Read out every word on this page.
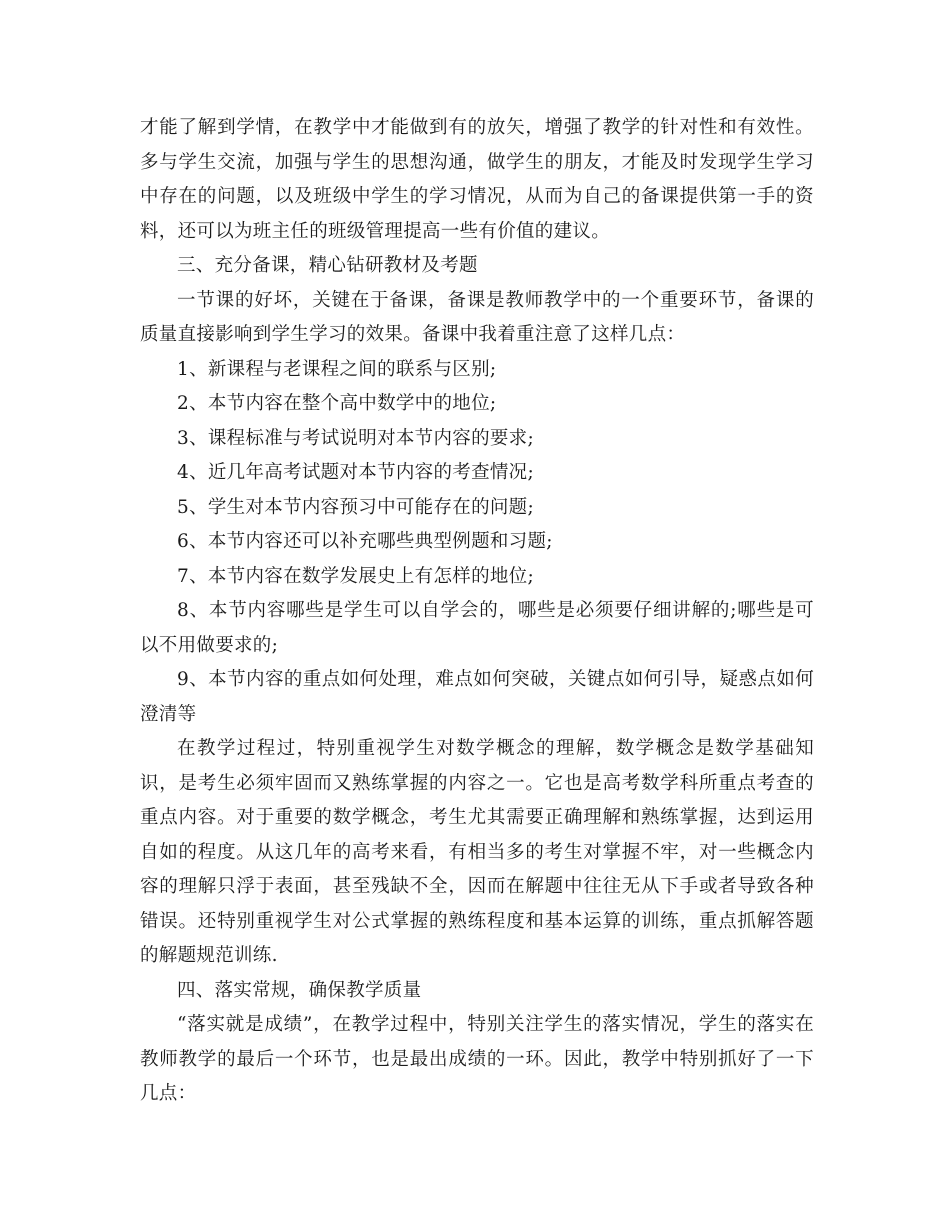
才能了解到学情，在教学中才能做到有的放矢，增强了教学的针对性和有效性。多与学生交流，加强与学生的思想沟通，做学生的朋友，才能及时发现学生学习中存在的问题，以及班级中学生的学习情况，从而为自己的备课提供第一手的资料，还可以为班主任的班级管理提高一些有价值的建议。

三、充分备课，精心钻研教材及考题

一节课的好坏，关键在于备课，备课是教师教学中的一个重要环节，备课的质量直接影响到学生学习的效果。备课中我着重注意了这样几点：

1、新课程与老课程之间的联系与区别;

2、本节内容在整个高中数学中的地位;

3、课程标准与考试说明对本节内容的要求;

4、近几年高考试题对本节内容的考查情况;

5、学生对本节内容预习中可能存在的问题;

6、本节内容还可以补充哪些典型例题和习题;

7、本节内容在数学发展史上有怎样的地位;

8、本节内容哪些是学生可以自学会的，哪些是必须要仔细讲解的;哪些是可以不用做要求的;

9、本节内容的重点如何处理，难点如何突破，关键点如何引导，疑惑点如何澄清等

在教学过程过，特别重视学生对数学概念的理解，数学概念是数学基础知识，是考生必须牢固而又熟练掌握的内容之一。它也是高考数学科所重点考查的重点内容。对于重要的数学概念，考生尤其需要正确理解和熟练掌握，达到运用自如的程度。从这几年的高考来看，有相当多的考生对掌握不牢，对一些概念内容的理解只浮于表面，甚至残缺不全，因而在解题中往往无从下手或者导致各种错误。还特别重视学生对公式掌握的熟练程度和基本运算的训练，重点抓解答题的解题规范训练.

四、落实常规，确保教学质量

“落实就是成绩”，在教学过程中，特别关注学生的落实情况，学生的落实在教师教学的最后一个环节，也是最出成绩的一环。因此，教学中特别抓好了一下几点：
